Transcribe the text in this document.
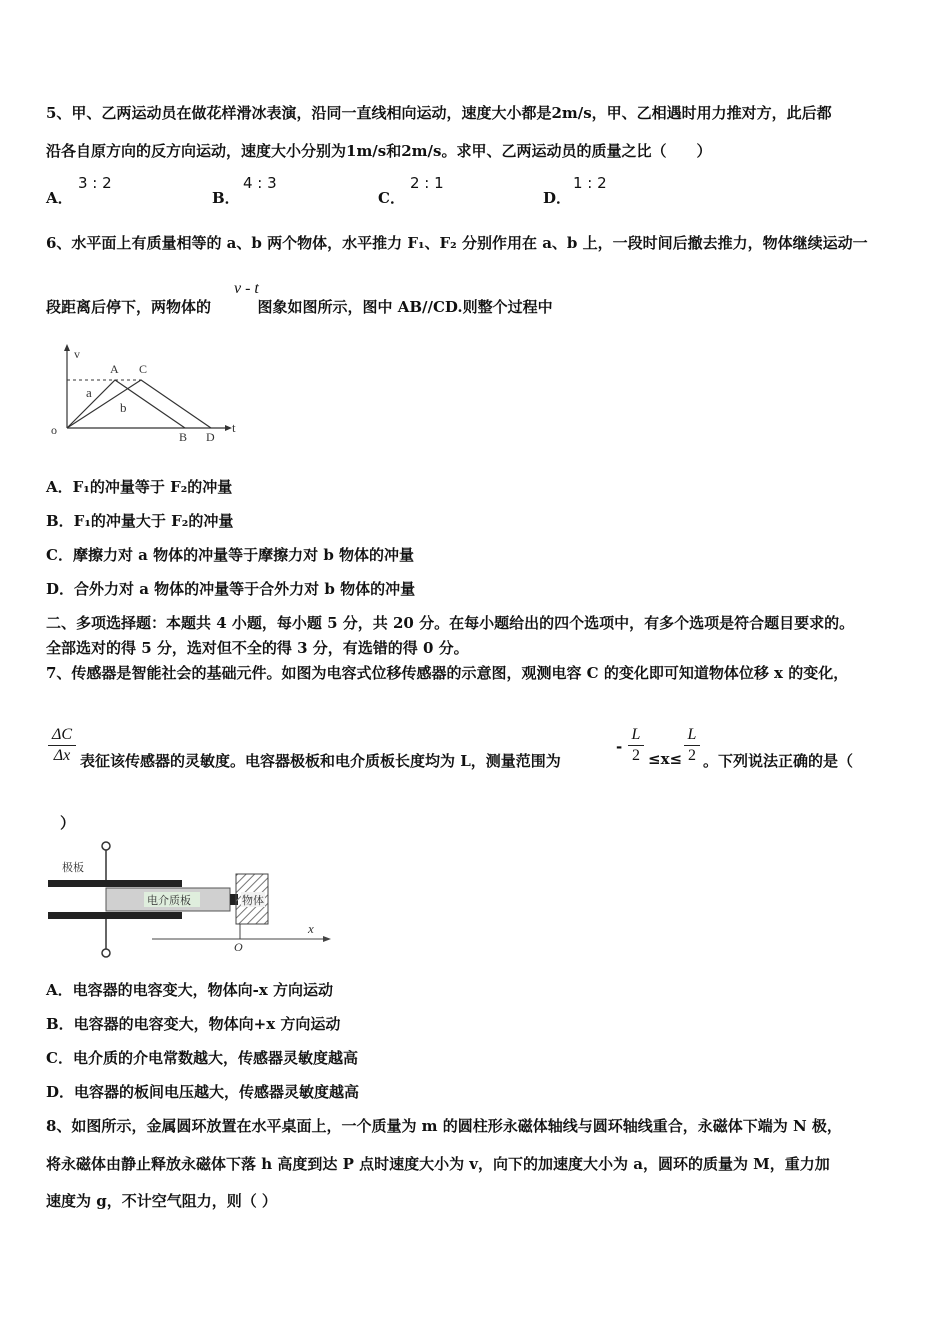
5、甲、乙两运动员在做花样滑冰表演，沿同一直线相向运动，速度大小都是2m/s，甲、乙相遇时用力推对方，此后都
沿各自原方向的反方向运动，速度大小分别为1m/s和2m/s。求甲、乙两运动员的质量之比（　　）
A．
3 : 2
B．
4 : 3
C．
2 : 1
D．
1 : 2
6、水平面上有质量相等的 a、b 两个物体，水平推力 F₁、F₂ 分别作用在 a、b 上，一段时间后撤去推力，物体继续运动一
段距离后停下，两物体的	图象如图所示，图中 AB//CD.则整个过程中
v - t
v
t
o
A C
B D
a
b
A．F₁的冲量等于 F₂的冲量
B．F₁的冲量大于 F₂的冲量
C．摩擦力对 a 物体的冲量等于摩擦力对 b 物体的冲量
D．合外力对 a 物体的冲量等于合外力对 b 物体的冲量
二、多项选择题：本题共 4 小题，每小题 5 分，共 20 分。在每小题给出的四个选项中，有多个选项是符合题目要求的。
全部选对的得 5 分，选对但不全的得 3 分，有选错的得 0 分。
7、传感器是智能社会的基础元件。如图为电容式位移传感器的示意图，观测电容 C 的变化即可知道物体位移 x 的变化，
ΔC
Δx 表征该传感器的灵敏度。电容器极板和电介质板长度均为 L，测量范围为
-
L
2 ≤x≤
L
2 。下列说法正确的是（
）
极板
电介质板	物体
x
O
A．电容器的电容变大，物体向-x 方向运动
B．电容器的电容变大，物体向+x 方向运动
C．电介质的介电常数越大，传感器灵敏度越高
D．电容器的板间电压越大，传感器灵敏度越高
8、如图所示，金属圆环放置在水平桌面上，一个质量为 m 的圆柱形永磁体轴线与圆环轴线重合，永磁体下端为 N 极，
将永磁体由静止释放永磁体下落 h 高度到达 P 点时速度大小为 v，向下的加速度大小为 a，圆环的质量为 M，重力加
速度为 g，不计空气阻力，则（ ）
